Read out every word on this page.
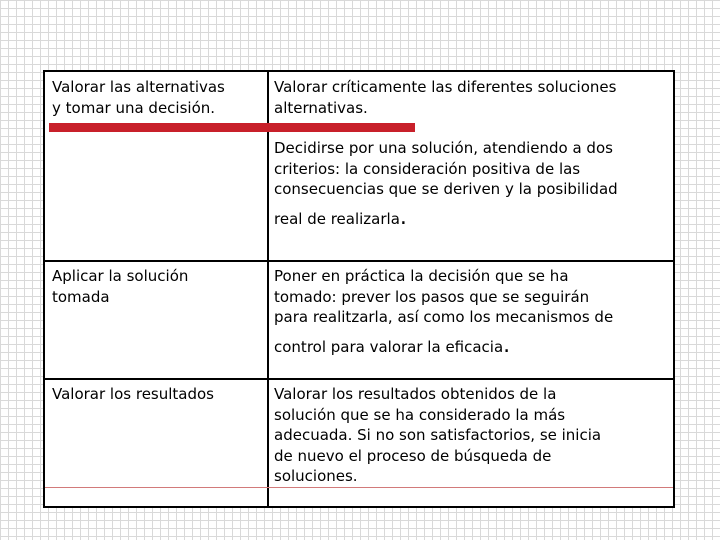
Valorar las alternativas
y tomar una decisión.
Valorar críticamente las diferentes soluciones
alternativas.
Decidirse por una solución, atendiendo a dos
criterios: la consideración positiva de las
consecuencias que se deriven y la posibilidad
real de realizarla.
Aplicar la solución
tomada
Poner en práctica la decisión que se ha
tomado: prever los pasos que se seguirán
para realitzarla, así como los mecanismos de
control para valorar la eficacia.
Valorar los resultados	Valorar los resultados obtenidos de la
solución que se ha considerado la más
adecuada. Si no son satisfactorios, se inicia
de nuevo el proceso de búsqueda de
soluciones.
